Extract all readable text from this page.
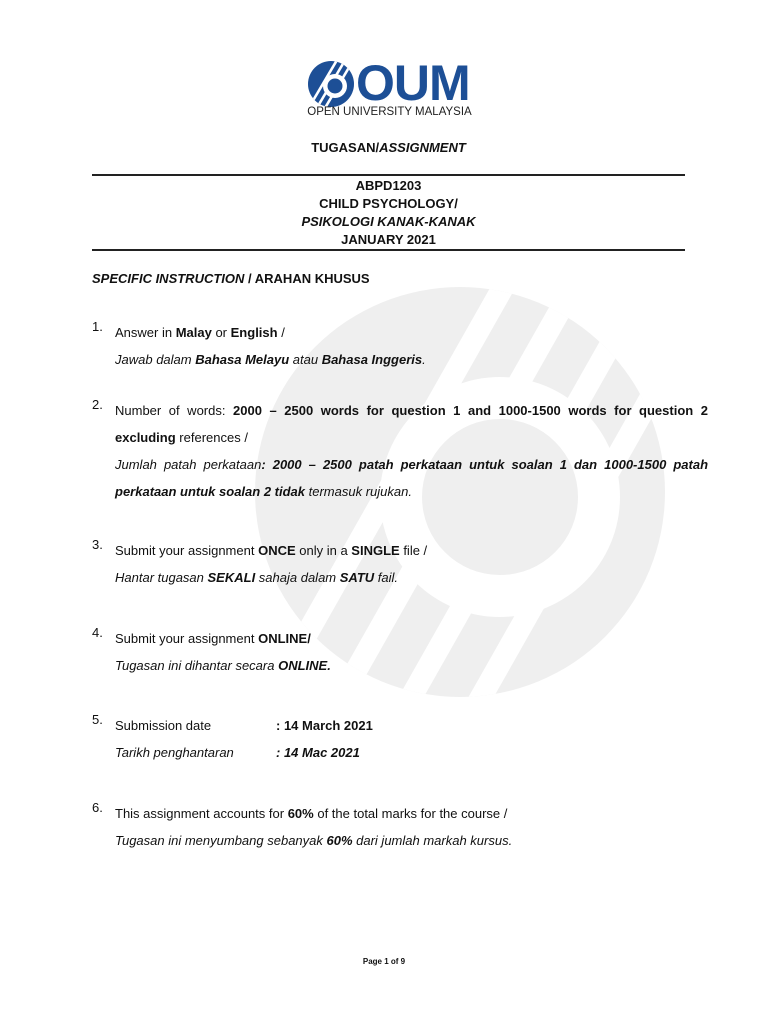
OUM
OPEN UNIVERSITY MALAYSIA
TUGASAN/ASSIGNMENT
ABPD1203
CHILD PSYCHOLOGY/
PSIKOLOGI KANAK-KANAK
JANUARY 2021
SPECIFIC INSTRUCTION / ARAHAN KHUSUS
1. Answer in Malay or English /

Jawab dalam Bahasa Melayu atau Bahasa Inggeris.

2. Number of words: 2000 – 2500 words for question 1 and 1000-1500 words for question 2 excluding references /

Jumlah patah perkataan: 2000 – 2500 patah perkataan untuk soalan 1 dan 1000-1500 patah perkataan untuk soalan 2 tidak termasuk rujukan.

3. Submit your assignment ONCE only in a SINGLE file /

Hantar tugasan SEKALI sahaja dalam SATU fail.

4. Submit your assignment ONLINE/

Tugasan ini dihantar secara ONLINE.

5. Submission date	: 14 March 2021

Tarikh penghantaran	: 14 Mac 2021

6. This assignment accounts for 60% of the total marks for the course /

Tugasan ini menyumbang sebanyak 60% dari jumlah markah kursus.

Page 1 of 9
